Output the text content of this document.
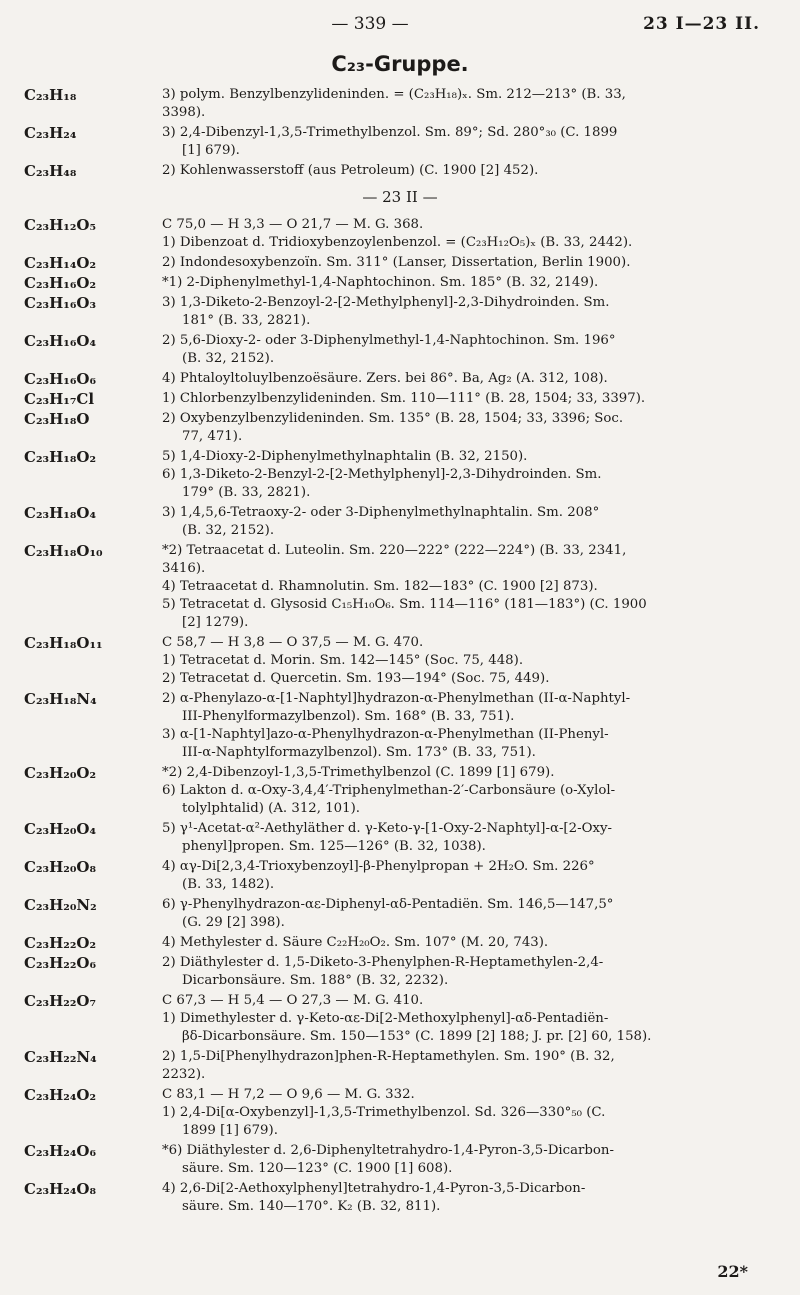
— 339 —	23 I—23 II.
C₂₃-Gruppe.
C₂₃H₁₈	3) polym. Benzylbenzylideninden. = (C₂₃H₁₈)ₓ. Sm. 212—213° (B. 33,
3398).
C₂₃H₂₄	3) 2,4-Dibenzyl-1,3,5-Trimethylbenzol. Sm. 89°; Sd. 280°₃₀ (C. 1899
[1] 679).
C₂₃H₄₈	2) Kohlenwasserstoff (aus Petroleum) (C. 1900 [2] 452).
— 23 II —
C₂₃H₁₂O₅	C 75,0 — H 3,3 — O 21,7 — M. G. 368.
1) Dibenzoat d. Tridioxybenzoylenbenzol. = (C₂₃H₁₂O₅)ₓ (B. 33, 2442).
C₂₃H₁₄O₂	2) Indondesoxybenzoïn. Sm. 311° (Lanser, Dissertation, Berlin 1900).
C₂₃H₁₆O₂	*1) 2-Diphenylmethyl-1,4-Naphtochinon. Sm. 185° (B. 32, 2149).
C₂₃H₁₆O₃	3) 1,3-Diketo-2-Benzoyl-2-[2-Methylphenyl]-2,3-Dihydroinden. Sm.
181° (B. 33, 2821).
C₂₃H₁₆O₄	2) 5,6-Dioxy-2- oder 3-Diphenylmethyl-1,4-Naphtochinon. Sm. 196°
(B. 32, 2152).
C₂₃H₁₆O₆	4) Phtaloyltoluylbenzoësäure. Zers. bei 86°. Ba, Ag₂ (A. 312, 108).
C₂₃H₁₇Cl	1) Chlorbenzylbenzylideninden. Sm. 110—111° (B. 28, 1504; 33, 3397).
C₂₃H₁₈O	2) Oxybenzylbenzylideninden. Sm. 135° (B. 28, 1504; 33, 3396; Soc.
77, 471).
C₂₃H₁₈O₂	5) 1,4-Dioxy-2-Diphenylmethylnaphtalin (B. 32, 2150).
6) 1,3-Diketo-2-Benzyl-2-[2-Methylphenyl]-2,3-Dihydroinden. Sm.
179° (B. 33, 2821).
C₂₃H₁₈O₄	3) 1,4,5,6-Tetraoxy-2- oder 3-Diphenylmethylnaphtalin. Sm. 208°
(B. 32, 2152).
C₂₃H₁₈O₁₀	*2) Tetraacetat d. Luteolin. Sm. 220—222° (222—224°) (B. 33, 2341,
3416).
4) Tetraacetat d. Rhamnolutin. Sm. 182—183° (C. 1900 [2] 873).
5) Tetracetat d. Glysosid C₁₅H₁₀O₆. Sm. 114—116° (181—183°) (C. 1900
[2] 1279).
C₂₃H₁₈O₁₁	C 58,7 — H 3,8 — O 37,5 — M. G. 470.
1) Tetracetat d. Morin. Sm. 142—145° (Soc. 75, 448).
2) Tetracetat d. Quercetin. Sm. 193—194° (Soc. 75, 449).
C₂₃H₁₈N₄	2) α-Phenylazo-α-[1-Naphtyl]hydrazon-α-Phenylmethan (II-α-Naphtyl-
III-Phenylformazylbenzol). Sm. 168° (B. 33, 751).
3) α-[1-Naphtyl]azo-α-Phenylhydrazon-α-Phenylmethan (II-Phenyl-
III-α-Naphtylformazylbenzol). Sm. 173° (B. 33, 751).
C₂₃H₂₀O₂	*2) 2,4-Dibenzoyl-1,3,5-Trimethylbenzol (C. 1899 [1] 679).
6) Lakton d. α-Oxy-3,4,4′-Triphenylmethan-2′-Carbonsäure (o-Xylol-
tolylphtalid) (A. 312, 101).
C₂₃H₂₀O₄	5) γ¹-Acetat-α²-Aethyläther d. γ-Keto-γ-[1-Oxy-2-Naphtyl]-α-[2-Oxy-
phenyl]propen. Sm. 125—126° (B. 32, 1038).
C₂₃H₂₀O₈	4) αγ-Di[2,3,4-Trioxybenzoyl]-β-Phenylpropan + 2H₂O. Sm. 226°
(B. 33, 1482).
C₂₃H₂₀N₂	6) γ-Phenylhydrazon-αε-Diphenyl-αδ-Pentadiën. Sm. 146,5—147,5°
(G. 29 [2] 398).
C₂₃H₂₂O₂	4) Methylester d. Säure C₂₂H₂₀O₂. Sm. 107° (M. 20, 743).
C₂₃H₂₂O₆	2) Diäthylester d. 1,5-Diketo-3-Phenylphen-R-Heptamethylen-2,4-
Dicarbonsäure. Sm. 188° (B. 32, 2232).
C₂₃H₂₂O₇	C 67,3 — H 5,4 — O 27,3 — M. G. 410.
1) Dimethylester d. γ-Keto-αε-Di[2-Methoxylphenyl]-αδ-Pentadiën-
βδ-Dicarbonsäure. Sm. 150—153° (C. 1899 [2] 188; J. pr. [2] 60, 158).
C₂₃H₂₂N₄	2) 1,5-Di[Phenylhydrazon]phen-R-Heptamethylen. Sm. 190° (B. 32,
2232).
C₂₃H₂₄O₂	C 83,1 — H 7,2 — O 9,6 — M. G. 332.
1) 2,4-Di[α-Oxybenzyl]-1,3,5-Trimethylbenzol. Sd. 326—330°₅₀ (C.
1899 [1] 679).
C₂₃H₂₄O₆	*6) Diäthylester d. 2,6-Diphenyltetrahydro-1,4-Pyron-3,5-Dicarbon-
säure. Sm. 120—123° (C. 1900 [1] 608).
C₂₃H₂₄O₈	4) 2,6-Di[2-Aethoxylphenyl]tetrahydro-1,4-Pyron-3,5-Dicarbon-
säure. Sm. 140—170°. K₂ (B. 32, 811).
22*
